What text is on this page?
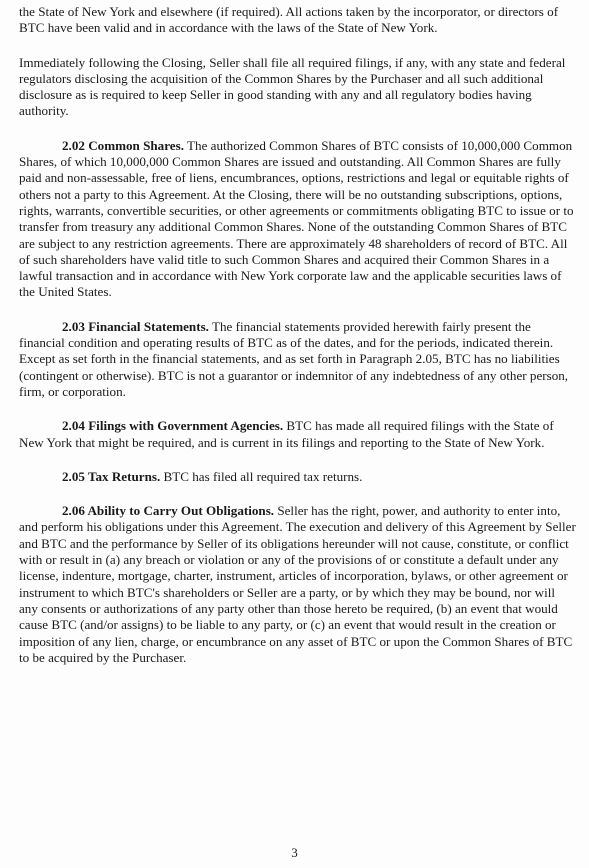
the State of New York and elsewhere (if required). All actions taken by the incorporator, or directors of BTC have been valid and in accordance with the laws of the State of New York.

Immediately following the Closing, Seller shall file all required filings, if any, with any state and federal regulators disclosing the acquisition of the Common Shares by the Purchaser and all such additional disclosure as is required to keep Seller in good standing with any and all regulatory bodies having authority.

2.02 Common Shares. The authorized Common Shares of BTC consists of 10,000,000 Common Shares, of which 10,000,000 Common Shares are issued and outstanding. All Common Shares are fully paid and non-assessable, free of liens, encumbrances, options, restrictions and legal or equitable rights of others not a party to this Agreement. At the Closing, there will be no outstanding subscriptions, options, rights, warrants, convertible securities, or other agreements or commitments obligating BTC to issue or to transfer from treasury any additional Common Shares. None of the outstanding Common Shares of BTC are subject to any restriction agreements. There are approximately 48 shareholders of record of BTC. All of such shareholders have valid title to such Common Shares and acquired their Common Shares in a lawful transaction and in accordance with New York corporate law and the applicable securities laws of the United States.

2.03 Financial Statements. The financial statements provided herewith fairly present the financial condition and operating results of BTC as of the dates, and for the periods, indicated therein. Except as set forth in the financial statements, and as set forth in Paragraph 2.05, BTC has no liabilities (contingent or otherwise). BTC is not a guarantor or indemnitor of any indebtedness of any other person, firm, or corporation.

2.04 Filings with Government Agencies. BTC has made all required filings with the State of New York that might be required, and is current in its filings and reporting to the State of New York.

2.05 Tax Returns. BTC has filed all required tax returns.

2.06 Ability to Carry Out Obligations. Seller has the right, power, and authority to enter into, and perform his obligations under this Agreement. The execution and delivery of this Agreement by Seller and BTC and the performance by Seller of its obligations hereunder will not cause, constitute, or conflict with or result in (a) any breach or violation or any of the provisions of or constitute a default under any license, indenture, mortgage, charter, instrument, articles of incorporation, bylaws, or other agreement or instrument to which BTC's shareholders or Seller are a party, or by which they may be bound, nor will any consents or authorizations of any party other than those hereto be required, (b) an event that would cause BTC (and/or assigns) to be liable to any party, or (c) an event that would result in the creation or imposition of any lien, charge, or encumbrance on any asset of BTC or upon the Common Shares of BTC to be acquired by the Purchaser.

3
